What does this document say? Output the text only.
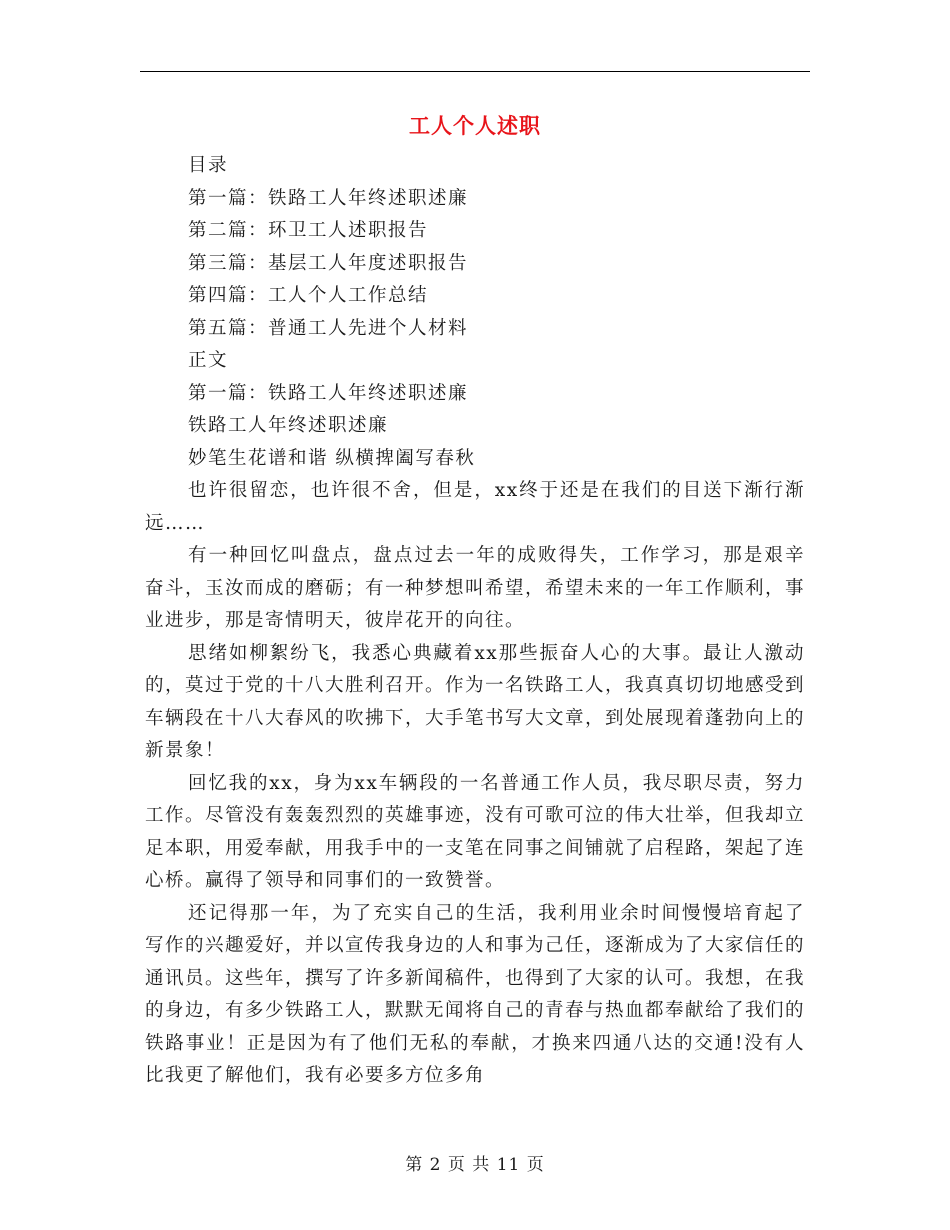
工人个人述职

目录

第一篇：铁路工人年终述职述廉

第二篇：环卫工人述职报告

第三篇：基层工人年度述职报告

第四篇：工人个人工作总结

第五篇：普通工人先进个人材料

正文

第一篇：铁路工人年终述职述廉

铁路工人年终述职述廉

妙笔生花谱和谐 纵横捭阖写春秋

也许很留恋，也许很不舍，但是，xx终于还是在我们的目送下渐行渐远……

有一种回忆叫盘点，盘点过去一年的成败得失，工作学习，那是艰辛奋斗，玉汝而成的磨砺；有一种梦想叫希望，希望未来的一年工作顺利，事业进步，那是寄情明天，彼岸花开的向往。

思绪如柳絮纷飞，我悉心典藏着xx那些振奋人心的大事。最让人激动的，莫过于党的十八大胜利召开。作为一名铁路工人，我真真切切地感受到车辆段在十八大春风的吹拂下，大手笔书写大文章，到处展现着蓬勃向上的新景象！

回忆我的xx，身为xx车辆段的一名普通工作人员，我尽职尽责，努力工作。尽管没有轰轰烈烈的英雄事迹，没有可歌可泣的伟大壮举，但我却立足本职，用爱奉献，用我手中的一支笔在同事之间铺就了启程路，架起了连心桥。赢得了领导和同事们的一致赞誉。

还记得那一年，为了充实自己的生活，我利用业余时间慢慢培育起了写作的兴趣爱好，并以宣传我身边的人和事为己任，逐渐成为了大家信任的通讯员。这些年，撰写了许多新闻稿件，也得到了大家的认可。我想，在我的身边，有多少铁路工人，默默无闻将自己的青春与热血都奉献给了我们的铁路事业！正是因为有了他们无私的奉献，才换来四通八达的交通!没有人比我更了解他们，我有必要多方位多角

第 2 页 共 11 页
